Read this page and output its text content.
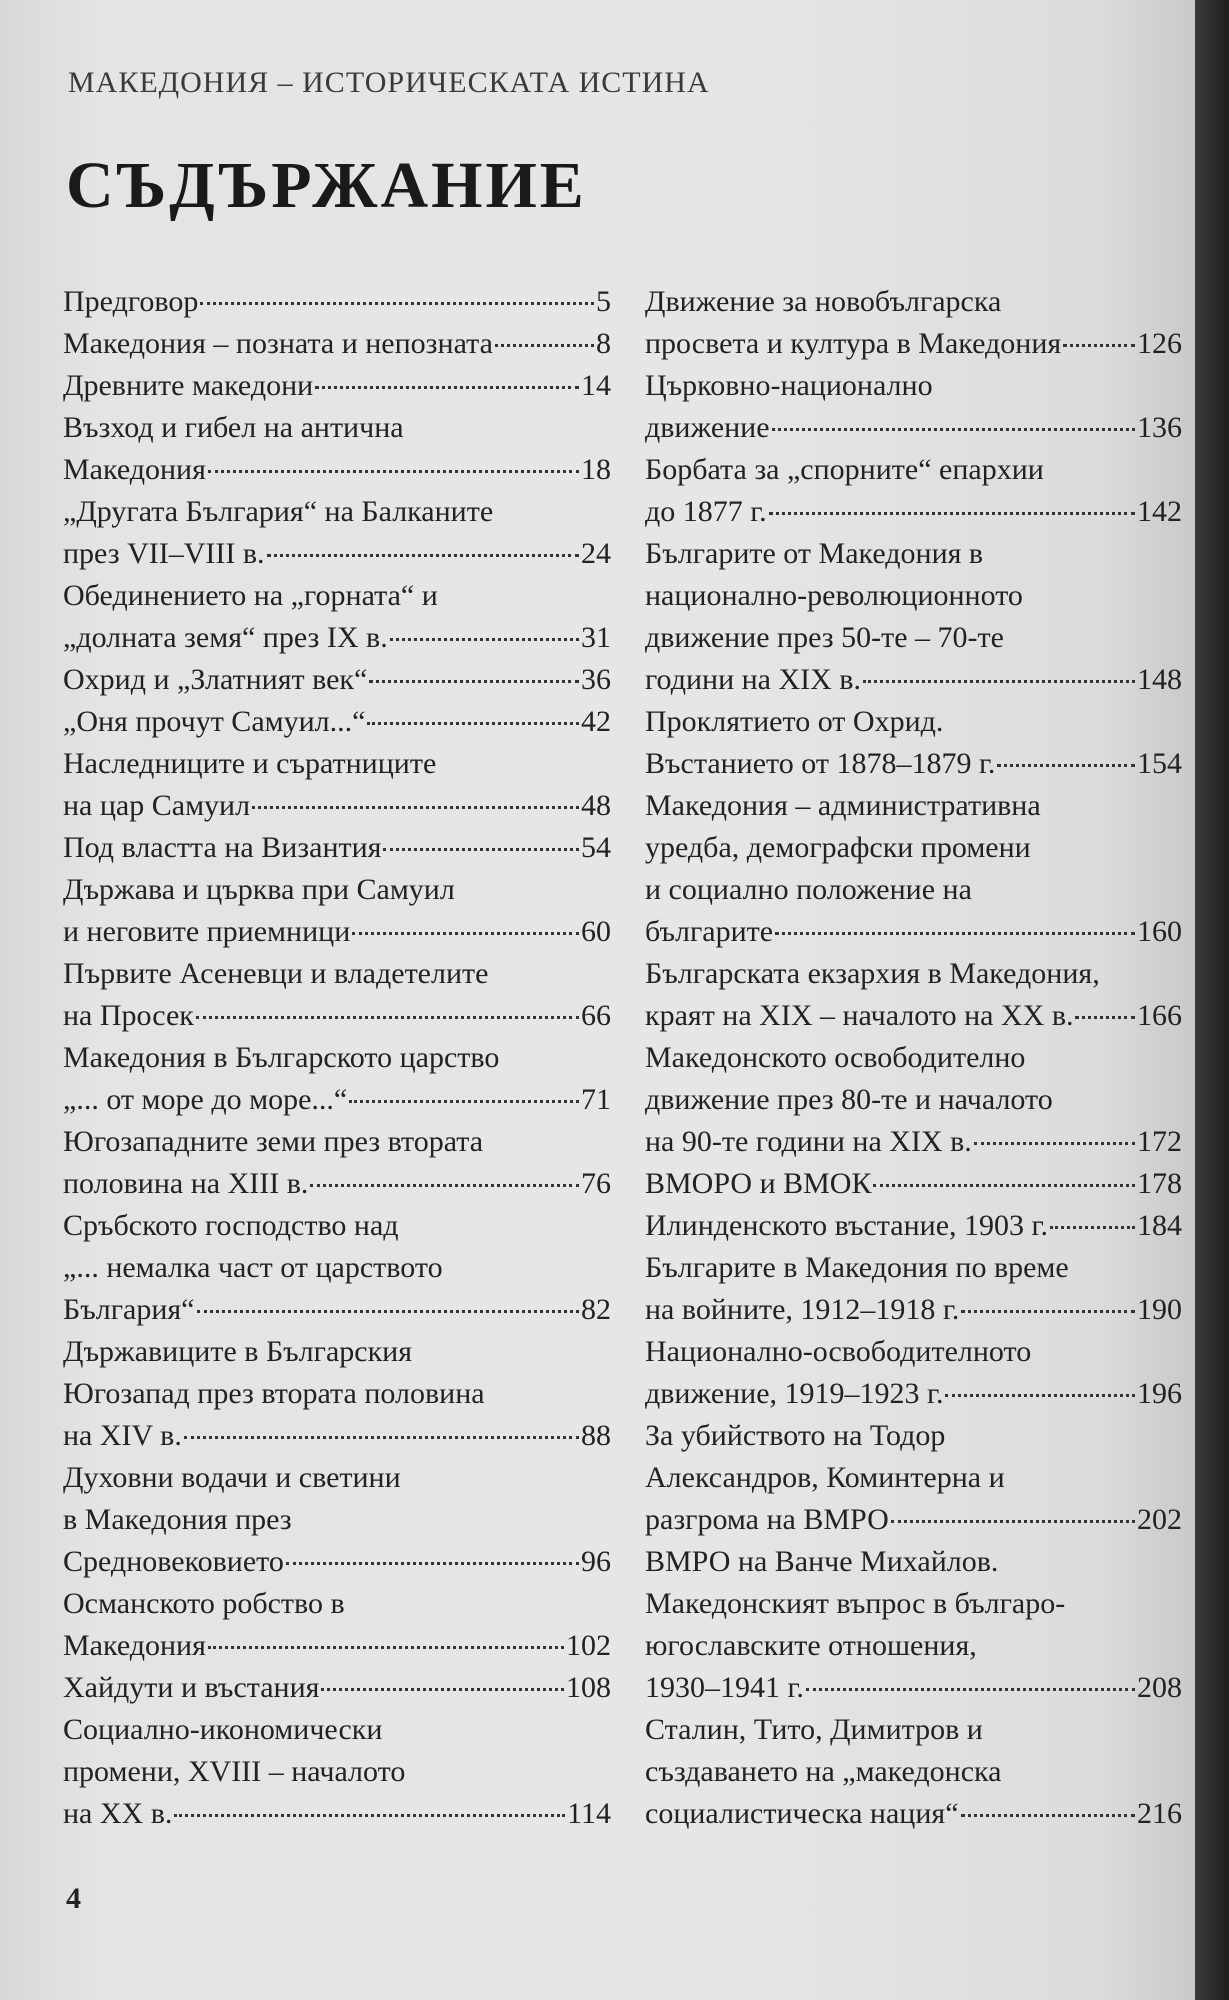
МАКЕДОНИЯ – ИСТОРИЧЕСКАТА ИСТИНА
СЪДЪРЖАНИЕ
Предговор	5
Македония – позната и непозната	8
Древните македони	14
Възход и гибел на антична
Македония	18
„Другата България“ на Балканите
през VII–VIII в.	24
Обединението на „горната“ и
„долната земя“ през IX в.	31
Охрид и „Златният век“	36
„Оня прочут Самуил...“	42
Наследниците и съратниците
на цар Самуил	48
Под властта на Византия	54
Държава и църква при Самуил
и неговите приемници	60
Първите Асеневци и владетелите
на Просек	66
Македония в Българското царство
„... от море до море...“	71
Югозападните земи през втората
половина на XIII в.	76
Сръбското господство над
„... немалка част от царството
България“	82
Държавиците в Българския
Югозапад през втората половина
на XIV в.	88
Духовни водачи и светини
в Македония през
Средновековието	96
Османското робство в
Македония	102
Хайдути и въстания	108
Социално-икономически
промени, XVIII – началото
на XX в.	114
Движение за новобългарска
просвета и култура в Македония	126
Църковно-национално
движение	136
Борбата за „спорните“ епархии
до 1877 г.	142
Българите от Македония в
национално-революционното
движение през 50-те – 70-те
години на XIX в.	148
Проклятието от Охрид.
Въстанието от 1878–1879 г.	154
Македония – административна
уредба, демографски промени
и социално положение на
българите	160
Българската екзархия в Македония,
краят на XIX – началото на XX в. 166
Македонското освободително
движение през 80-те и началото
на 90-те години на XIX в.	172
ВМОРО и ВМОК	178
Илинденското въстание, 1903 г.	184
Българите в Македония по време
на войните, 1912–1918 г.	190
Национално-освободителното
движение, 1919–1923 г.	196
За убийството на Тодор
Александров, Коминтерна и
разгрома на ВМРО	202
ВМРО на Ванче Михайлов.
Македонският въпрос в българо-
югославските отношения,
1930–1941 г.	208
Сталин, Тито, Димитров и
създаването на „македонска
социалистическа нация“	216
4
